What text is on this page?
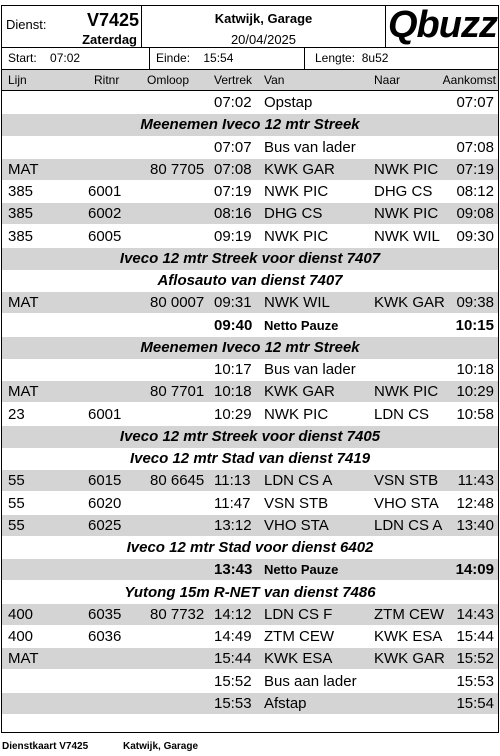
Dienst: V7425
Zaterdag
Katwijk, Garage
20/04/2025	Qbuzz
Start: 07:02	Einde: 15:54	Lengte: 8u52
Lijn	Ritnr Omloop Vertrek Van	Naar	Aankomst
07:02 Opstap	07:07
Meenemen Iveco 12 mtr Streek
07:07 Bus van lader	07:08
MAT	80 7705 07:08 KWK GAR	NWK PIC 07:19
385	6001	07:19 NWK PIC	DHG CS 08:12
385	6002	08:16 DHG CS	NWK PIC 09:08
385	6005	09:19 NWK PIC	NWK WIL 09:30
Iveco 12 mtr Streek voor dienst 7407
Aflosauto van dienst 7407
MAT	80 0007 09:31 NWK WIL	KWK GAR 09:38
09:40 Netto Pauze	10:15
Meenemen Iveco 12 mtr Streek
10:17 Bus van lader	10:18
MAT	80 7701 10:18 KWK GAR	NWK PIC 10:29
23	6001	10:29 NWK PIC	LDN CS 10:58
Iveco 12 mtr Streek voor dienst 7405
Iveco 12 mtr Stad van dienst 7419
55	6015 80 6645 11:13 LDN CS A	VSN STB 11:43
55	6020	11:47 VSN STB	VHO STA 12:48
55	6025	13:12 VHO STA	LDN CS A 13:40
Iveco 12 mtr Stad voor dienst 6402
13:43 Netto Pauze	14:09
Yutong 15m R-NET van dienst 7486
400	6035 80 7732 14:12 LDN CS F	ZTM CEW 14:43
400	6036	14:49 ZTM CEW	KWK ESA 15:44
MAT	15:44 KWK ESA	KWK GAR 15:52
15:52 Bus aan lader	15:53
15:53 Afstap	15:54
Dienstkaart V7425	Katwijk, Garage
